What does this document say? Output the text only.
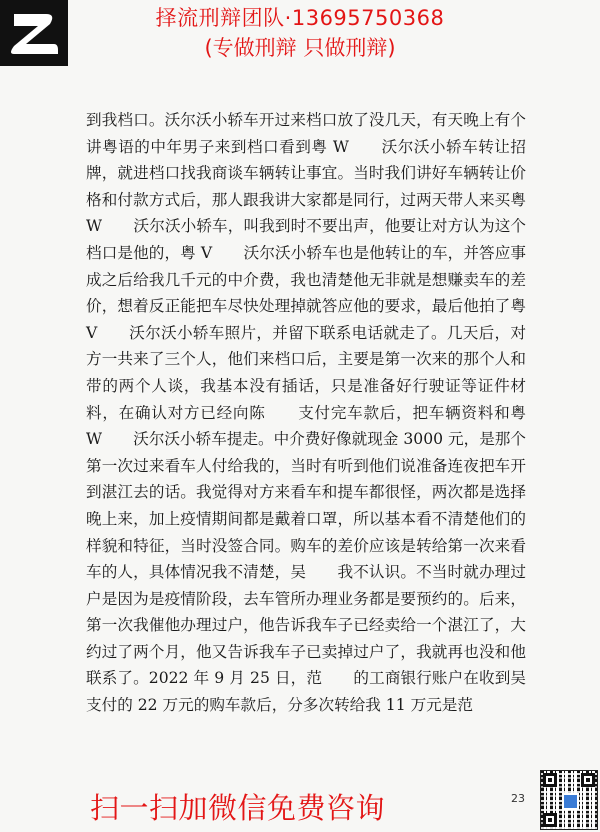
择流刑辩团队·13695750368
(专做刑辩 只做刑辩)

到我档口。沃尔沃小轿车开过来档口放了没几天，有天晚上有个讲粤语的中年男子来到档口看到粤 W　　沃尔沃小轿车转让招牌，就进档口找我商谈车辆转让事宜。当时我们讲好车辆转让价格和付款方式后，那人跟我讲大家都是同行，过两天带人来买粤 W　　沃尔沃小轿车，叫我到时不要出声，他要让对方认为这个档口是他的，粤 V　　沃尔沃小轿车也是他转让的车，并答应事成之后给我几千元的中介费，我也清楚他无非就是想赚卖车的差价，想着反正能把车尽快处理掉就答应他的要求，最后他拍了粤 V　　沃尔沃小轿车照片，并留下联系电话就走了。几天后，对方一共来了三个人，他们来档口后，主要是第一次来的那个人和带的两个人谈，我基本没有插话，只是准备好行驶证等证件材料，在确认对方已经向陈　　支付完车款后，把车辆资料和粤 W　　沃尔沃小轿车提走。中介费好像就现金 3000 元，是那个第一次过来看车人付给我的，当时有听到他们说准备连夜把车开到湛江去的话。我觉得对方来看车和提车都很怪，两次都是选择晚上来，加上疫情期间都是戴着口罩，所以基本看不清楚他们的样貌和特征，当时没签合同。购车的差价应该是转给第一次来看车的人，具体情况我不清楚，吴　　我不认识。不当时就办理过户是因为是疫情阶段，去车管所办理业务都是要预约的。后来，第一次我催他办理过户，他告诉我车子已经卖给一个湛江了，大约过了两个月，他又告诉我车子已卖掉过户了，我就再也没和他联系了。2022 年 9 月 25 日，范　　的工商银行账户在收到吴　　支付的 22 万元的购车款后，分多次转给我 11 万元是范

23
扫一扫加微信免费咨询
